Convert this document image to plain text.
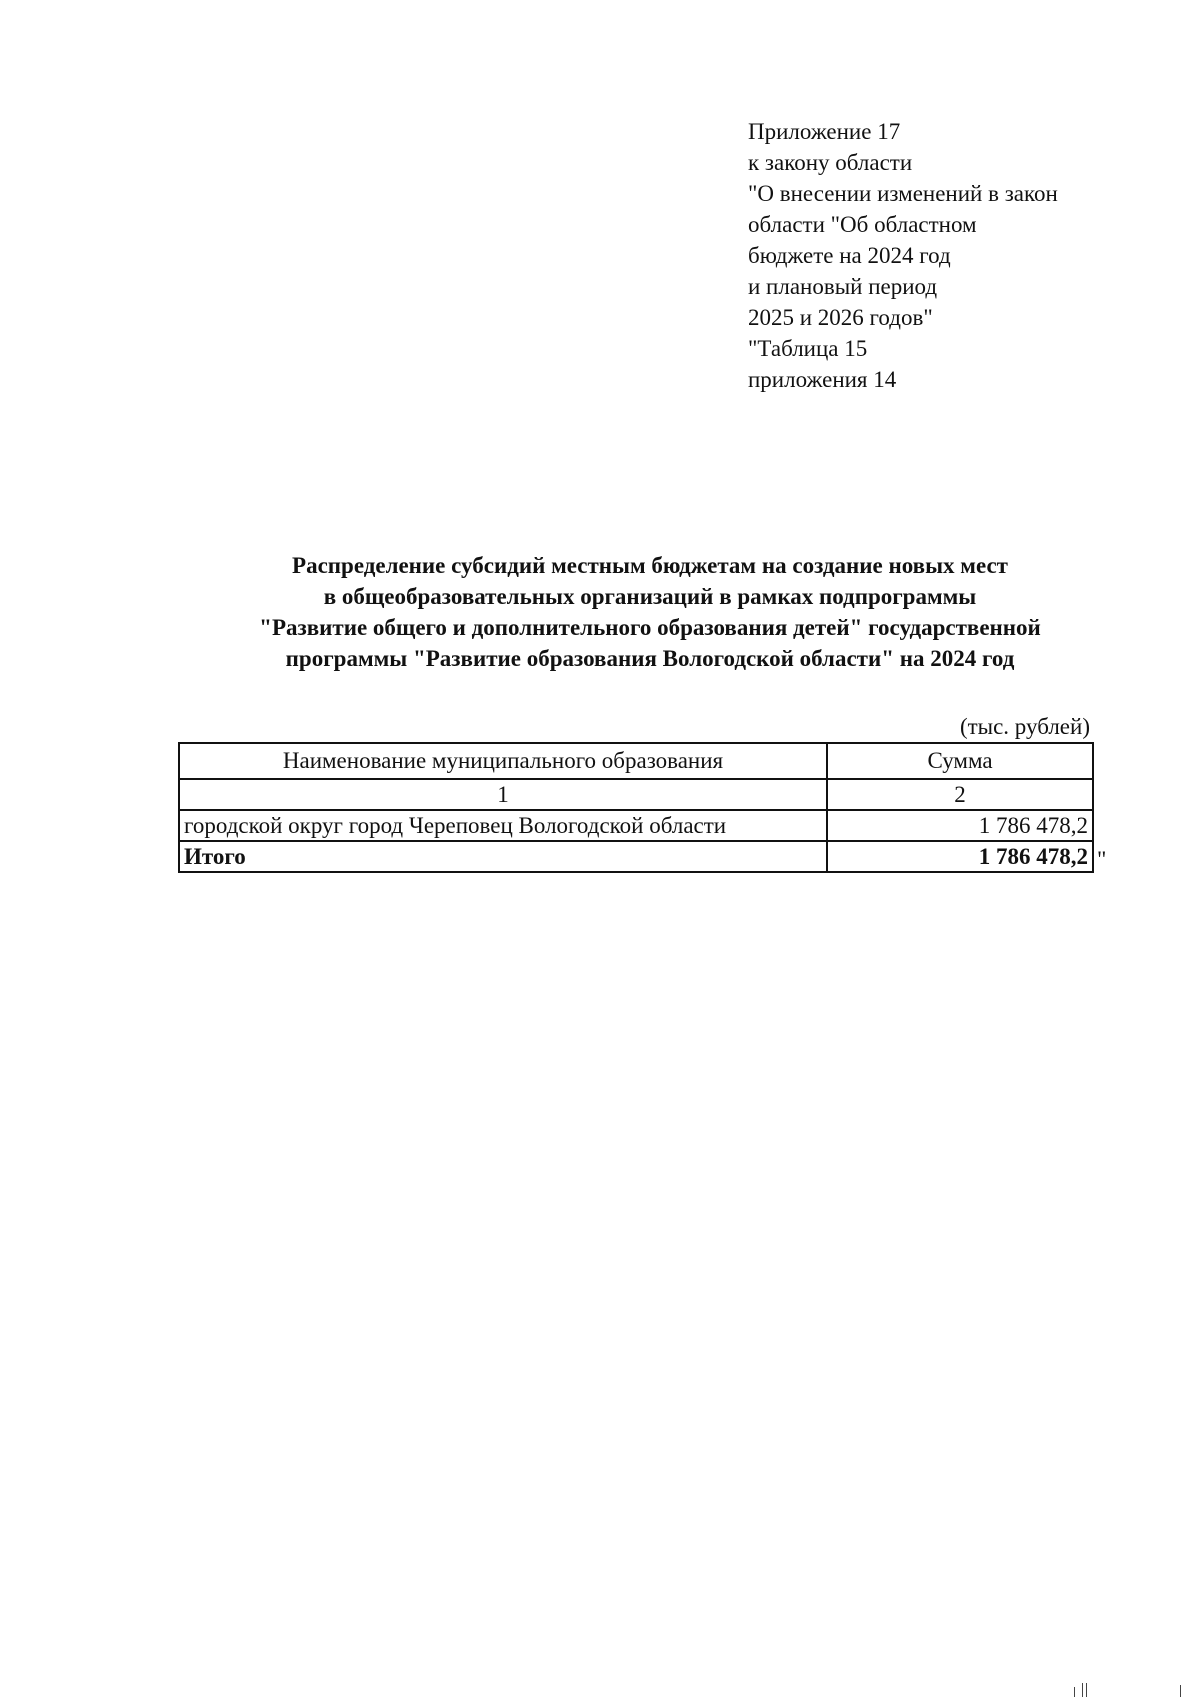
Приложение 17
к закону области
"О внесении изменений в закон
области "Об областном
бюджете на 2024 год
и плановый период
2025 и 2026 годов"
"Таблица 15
приложения 14
Распределение субсидий местным бюджетам на создание новых мест
в общеобразовательных организаций в рамках подпрограммы
"Развитие общего и дополнительного образования детей" государственной
программы "Развитие образования Вологодской области" на 2024 год
(тыс. рублей)
Наименование муниципального образования	Сумма
1	2
городской округ город Череповец Вологодской области	1 786 478,2
Итого	1 786 478,2 "
